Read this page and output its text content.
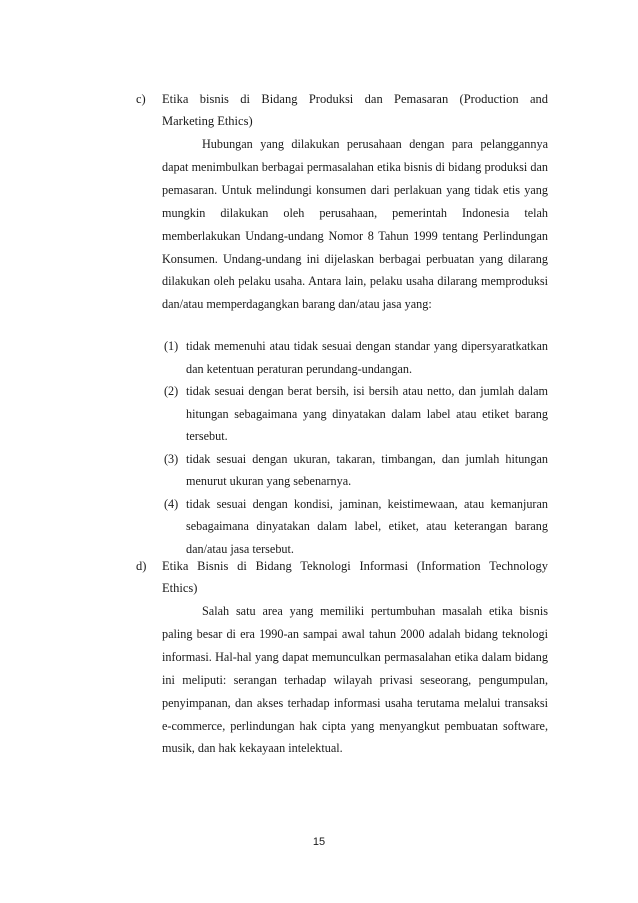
c) Etika bisnis di Bidang Produksi dan Pemasaran (Production and
Marketing Ethics)

Hubungan yang dilakukan perusahaan dengan para pelanggannya dapat menimbulkan berbagai permasalahan etika bisnis di bidang produksi dan pemasaran. Untuk melindungi konsumen dari perlakuan yang tidak etis yang mungkin dilakukan oleh perusahaan, pemerintah Indonesia telah memberlakukan Undang-undang Nomor 8 Tahun 1999 tentang Perlindungan Konsumen. Undang-undang ini dijelaskan berbagai perbuatan yang dilarang dilakukan oleh pelaku usaha. Antara lain, pelaku usaha dilarang memproduksi dan/atau memperdagangkan barang dan/atau jasa yang:

(1) tidak memenuhi atau tidak sesuai dengan standar yang dipersyaratkatkan dan ketentuan peraturan perundang-undangan.
(2) tidak sesuai dengan berat bersih, isi bersih atau netto, dan jumlah dalam hitungan sebagaimana yang dinyatakan dalam label atau etiket barang tersebut.
(3) tidak sesuai dengan ukuran, takaran, timbangan, dan jumlah hitungan menurut ukuran yang sebenarnya.
(4) tidak sesuai dengan kondisi, jaminan, keistimewaan, atau kemanjuran sebagaimana dinyatakan dalam label, etiket, atau keterangan barang dan/atau jasa tersebut.
d) Etika Bisnis di Bidang Teknologi Informasi (Information Technology
Ethics)

Salah satu area yang memiliki pertumbuhan masalah etika bisnis paling besar di era 1990-an sampai awal tahun 2000 adalah bidang teknologi informasi. Hal-hal yang dapat memunculkan permasalahan etika dalam bidang ini meliputi: serangan terhadap wilayah privasi seseorang, pengumpulan, penyimpanan, dan akses terhadap informasi usaha terutama melalui transaksi e-commerce, perlindungan hak cipta yang menyangkut pembuatan software, musik, dan hak kekayaan intelektual.

15
